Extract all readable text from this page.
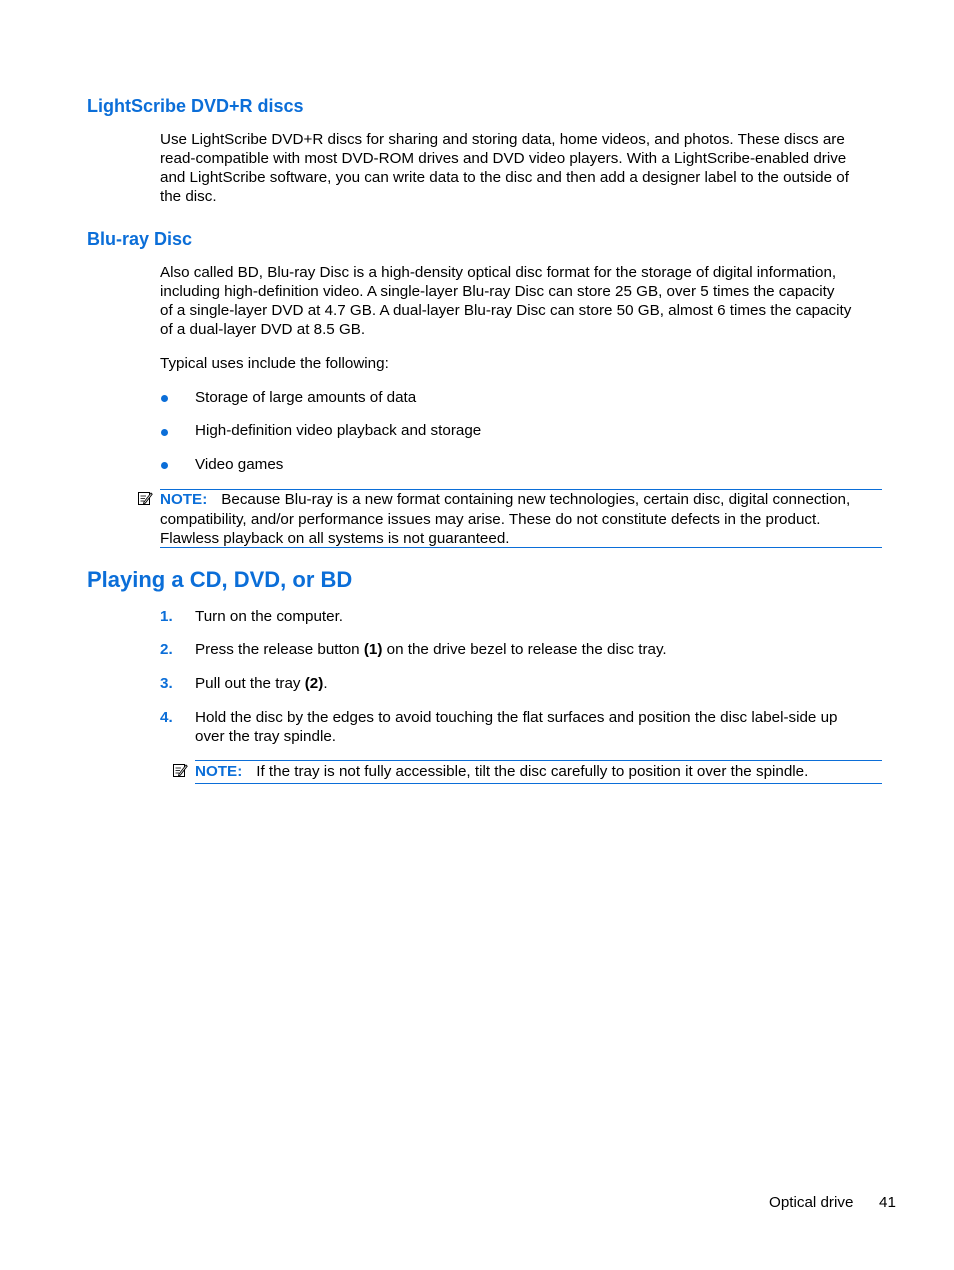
LightScribe DVD+R discs
Use LightScribe DVD+R discs for sharing and storing data, home videos, and photos. These discs are
read-compatible with most DVD-ROM drives and DVD video players. With a LightScribe-enabled drive
and LightScribe software, you can write data to the disc and then add a designer label to the outside of
the disc.
Blu-ray Disc
Also called BD, Blu-ray Disc is a high-density optical disc format for the storage of digital information,
including high-definition video. A single-layer Blu-ray Disc can store 25 GB, over 5 times the capacity
of a single-layer DVD at 4.7 GB. A dual-layer Blu-ray Disc can store 50 GB, almost 6 times the capacity
of a dual-layer DVD at 8.5 GB.
Typical uses include the following:
Storage of large amounts of data
High-definition video playback and storage
Video games
NOTE: Because Blu-ray is a new format containing new technologies, certain disc, digital connection,
compatibility, and/or performance issues may arise. These do not constitute defects in the product.
Flawless playback on all systems is not guaranteed.
Playing a CD, DVD, or BD
1. Turn on the computer.
2. Press the release button (1) on the drive bezel to release the disc tray.
3. Pull out the tray (2).
4. Hold the disc by the edges to avoid touching the flat surfaces and position the disc label-side up
over the tray spindle.
NOTE: If the tray is not fully accessible, tilt the disc carefully to position it over the spindle.
Optical drive 41
